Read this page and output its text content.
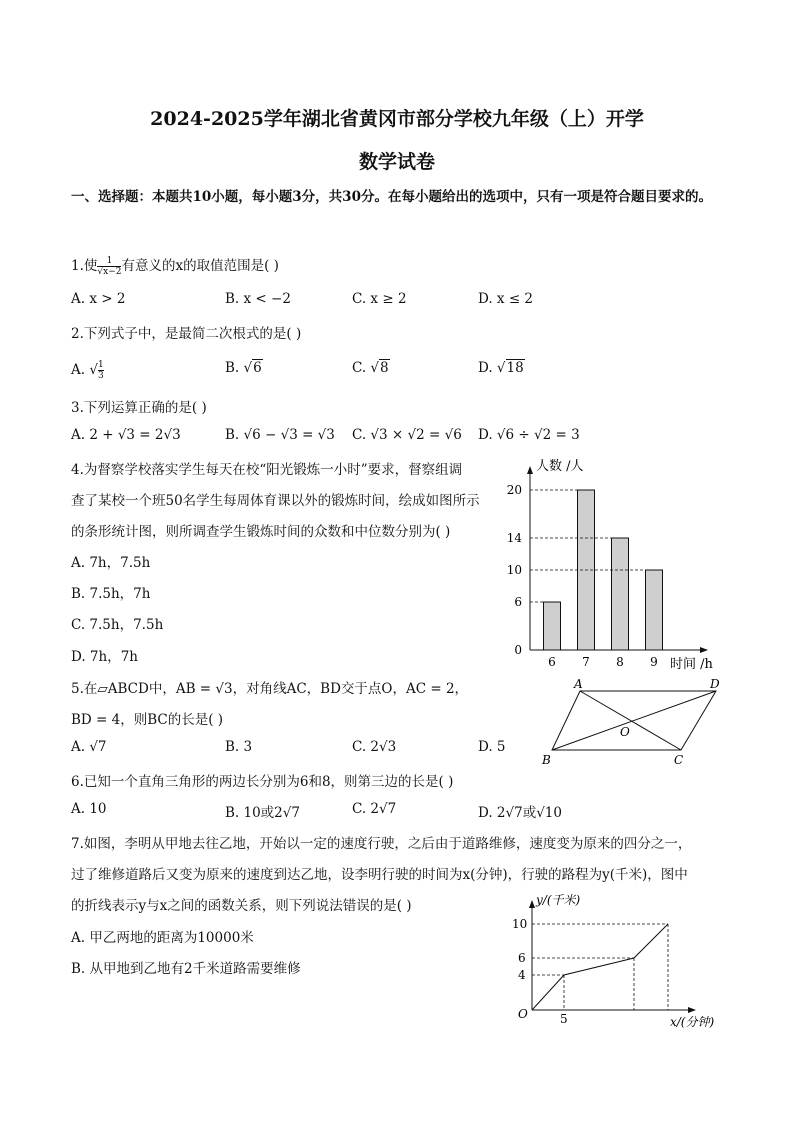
2024-2025学年湖北省黄冈市部分学校九年级（上）开学
数学试卷
一、选择题：本题共10小题，每小题3分，共30分。在每小题给出的选项中，只有一项是符合题目要求的。
1.使 $\frac{1}{√x-2}$ 有意义的x的取值范围是( )
A. x > 2	B. x < −2	C. x ≥ 2	D. x ≤ 2
2.下列式子中，是最简二次根式的是( )
A. √ $\frac{1}{3}$	B. √6	C. √8	D. √18
3.下列运算正确的是( )
A. 2 + √3 = 2√3	B. √6 − √3 = √3 C. √3 × √2 = √6 D. √6 ÷ √2 = 3
4.为督察学校落实学生每天在校“阳光锻炼一小时”要求，督察组调
查了某校一个班50名学生每周体育课以外的锻炼时间，绘成如图所示
的条形统计图，则所调查学生锻炼时间的众数和中位数分别为( )
A. 7h，7.5h
B. 7.5h，7h
C. 7.5h，7.5h
D. 7h，7h
人数 /人
时间 /h
0
6
10
14
20
6 7 8 9
5.在▱ABCD中，AB = √3，对角线AC，BD交于点O，AC = 2，
BD = 4，则BC的长是( )
A. √7	B. 3	C. 2√3	D. 5
A	D
B	C
O
6.已知一个直角三角形的两边长分别为6和8，则第三边的长是( )
A. 10	B. 10或2√7	C. 2√7	D. 2√7或√10
7.如图，李明从甲地去往乙地，开始以一定的速度行驶，之后由于道路维修，速度变为原来的四分之一，
过了维修道路后又变为原来的速度到达乙地，设李明行驶的时间为x(分钟)，行驶的路程为y(千米)，图中
的折线表示y与x之间的函数关系，则下列说法错误的是( )
A. 甲乙两地的距离为10000米
B. 从甲地到乙地有2千米道路需要维修
y/(千米)
x/(分钟)
O
4
6
10
5
